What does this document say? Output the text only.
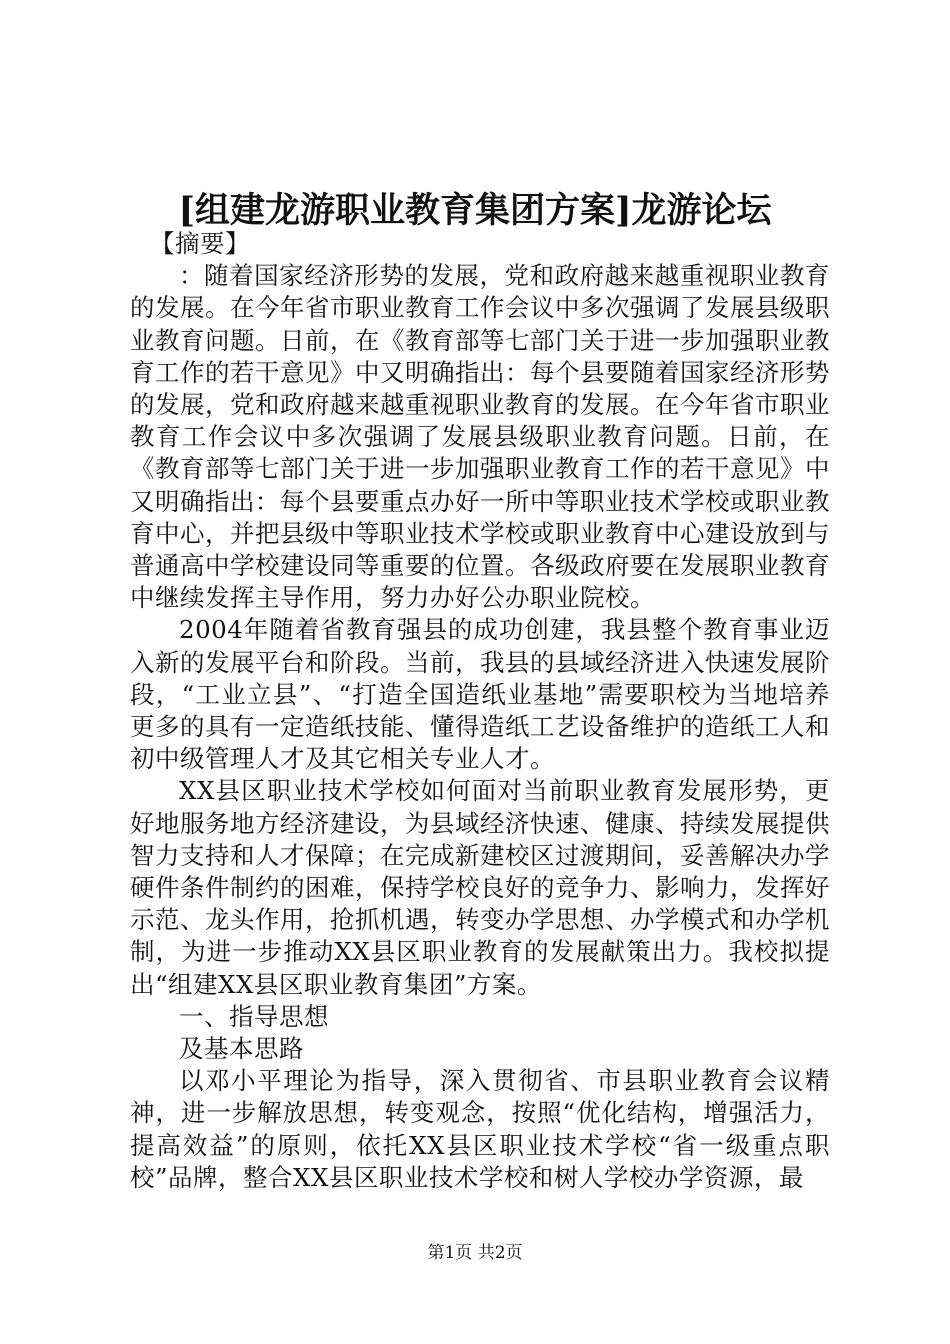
[组建龙游职业教育集团方案]龙游论坛

【摘要】

：随着国家经济形势的发展，党和政府越来越重视职业教育的发展。在今年省市职业教育工作会议中多次强调了发展县级职业教育问题。日前，在《教育部等七部门关于进一步加强职业教育工作的若干意见》中又明确指出：每个县要随着国家经济形势的发展，党和政府越来越重视职业教育的发展。在今年省市职业教育工作会议中多次强调了发展县级职业教育问题。日前，在《教育部等七部门关于进一步加强职业教育工作的若干意见》中又明确指出：每个县要重点办好一所中等职业技术学校或职业教育中心，并把县级中等职业技术学校或职业教育中心建设放到与普通高中学校建设同等重要的位置。各级政府要在发展职业教育中继续发挥主导作用，努力办好公办职业院校。

2004年随着省教育强县的成功创建，我县整个教育事业迈入新的发展平台和阶段。当前，我县的县域经济进入快速发展阶段，“工业立县”、“打造全国造纸业基地”需要职校为当地培养更多的具有一定造纸技能、懂得造纸工艺设备维护的造纸工人和初中级管理人才及其它相关专业人才。

XX县区职业技术学校如何面对当前职业教育发展形势，更好地服务地方经济建设，为县域经济快速、健康、持续发展提供智力支持和人才保障；在完成新建校区过渡期间，妥善解决办学硬件条件制约的困难，保持学校良好的竞争力、影响力，发挥好示范、龙头作用，抢抓机遇，转变办学思想、办学模式和办学机制，为进一步推动XX县区职业教育的发展献策出力。我校拟提出“组建XX县区职业教育集团”方案。

一、指导思想

及基本思路

以邓小平理论为指导，深入贯彻省、市县职业教育会议精神，进一步解放思想，转变观念，按照“优化结构，增强活力，提高效益”的原则，依托XX县区职业技术学校“省一级重点职校”品牌，整合XX县区职业技术学校和树人学校办学资源，最

第1页 共2页
